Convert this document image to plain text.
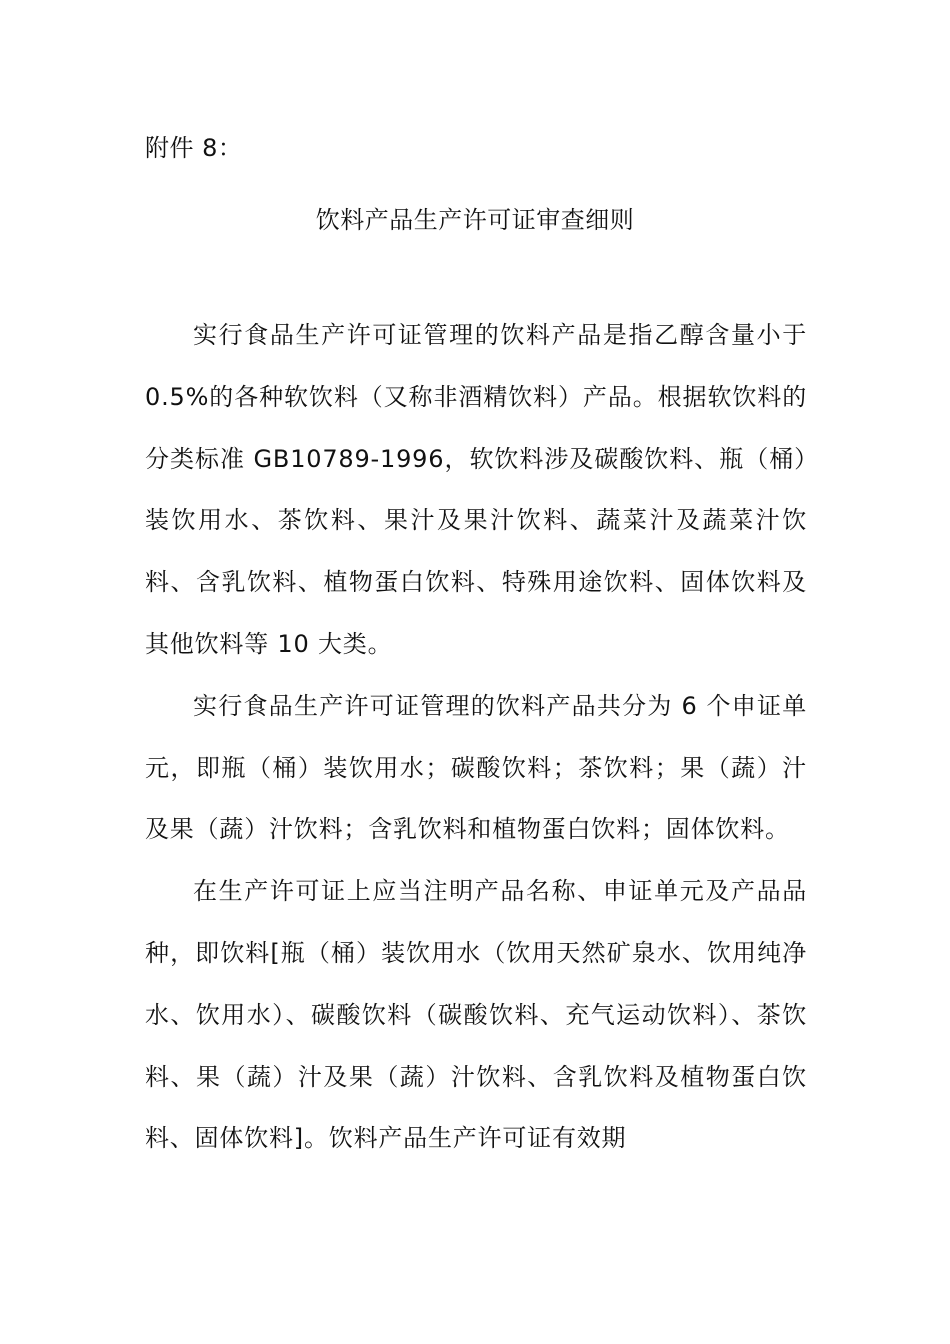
附件 8：
饮料产品生产许可证审查细则

实行食品生产许可证管理的饮料产品是指乙醇含量小于 0.5%的各种软饮料（又称非酒精饮料）产品。根据软饮料的分类标准 GB10789-1996，软饮料涉及碳酸饮料、瓶（桶）装饮用水、茶饮料、果汁及果汁饮料、蔬菜汁及蔬菜汁饮料、含乳饮料、植物蛋白饮料、特殊用途饮料、固体饮料及其他饮料等 10 大类。

实行食品生产许可证管理的饮料产品共分为 6 个申证单元，即瓶（桶）装饮用水；碳酸饮料；茶饮料；果（蔬）汁及果（蔬）汁饮料；含乳饮料和植物蛋白饮料；固体饮料。

在生产许可证上应当注明产品名称、申证单元及产品品种，即饮料[瓶（桶）装饮用水（饮用天然矿泉水、饮用纯净水、饮用水）、碳酸饮料（碳酸饮料、充气运动饮料）、茶饮料、果（蔬）汁及果（蔬）汁饮料、含乳饮料及植物蛋白饮料、固体饮料]。饮料产品生产许可证有效期
